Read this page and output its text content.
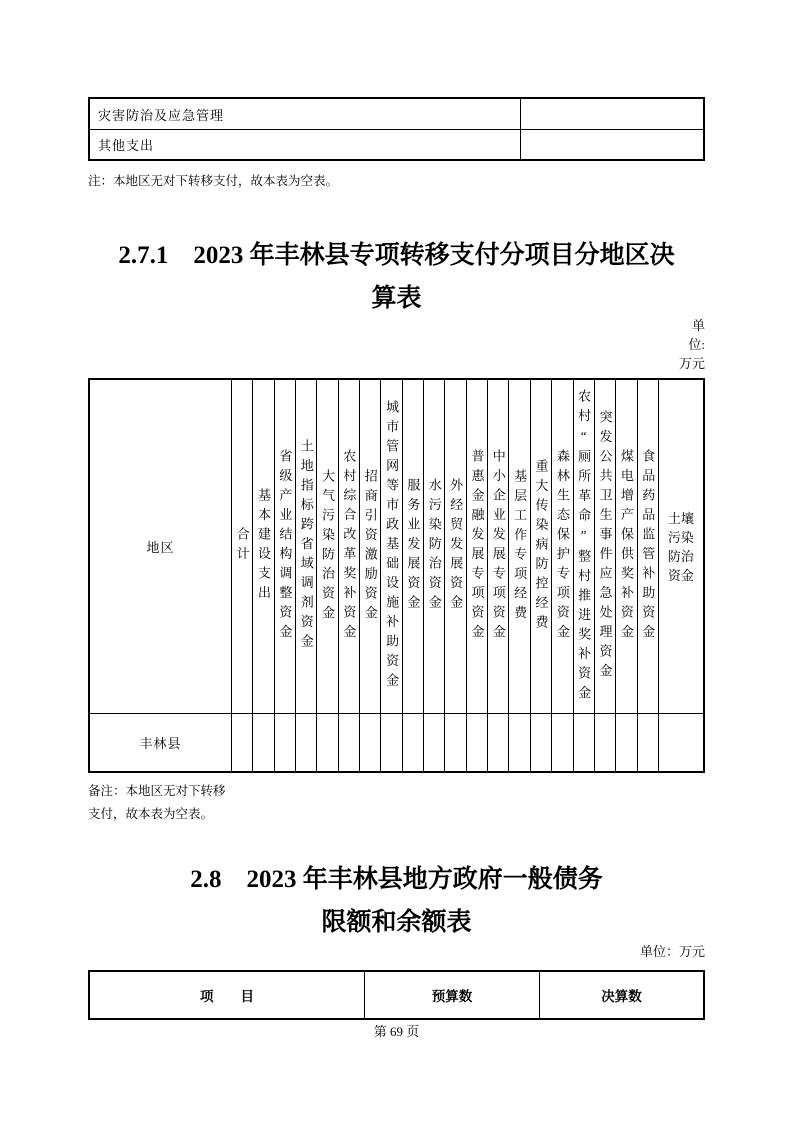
灾害防治及应急管理
其他支出
注：本地区无对下转移支付，故本表为空表。
2.7.1　2023 年丰林县专项转移支付分项目分地区决
算表
单
位:
万元
地区	合计 基本建设支出 省级产业结构调整资金 土地指标跨省域调剂资金 大气污染防治资金 农村综合改革奖补资金 招商引资激励资金 城市管网等市政基础设施补助资金 服务业发展资金 水污染防治资金 外经贸发展资金 普惠金融发展专项资金 中小企业发展专项资金 基层工作专项经费 重大传染病防控经费 森林生态保护专项资金 农村“厕所革命”整村推进奖补资金 突发公共卫生事件应急处理资金 煤电增产保供奖补资金 食品药品监管补助资金 土壤污染防治资金
丰林县
备注：本地区无对下转移
支付，故本表为空表。
2.8　2023 年丰林县地方政府一般债务
限额和余额表
单位：万元
项　　目	预算数	决算数
第 69 页
